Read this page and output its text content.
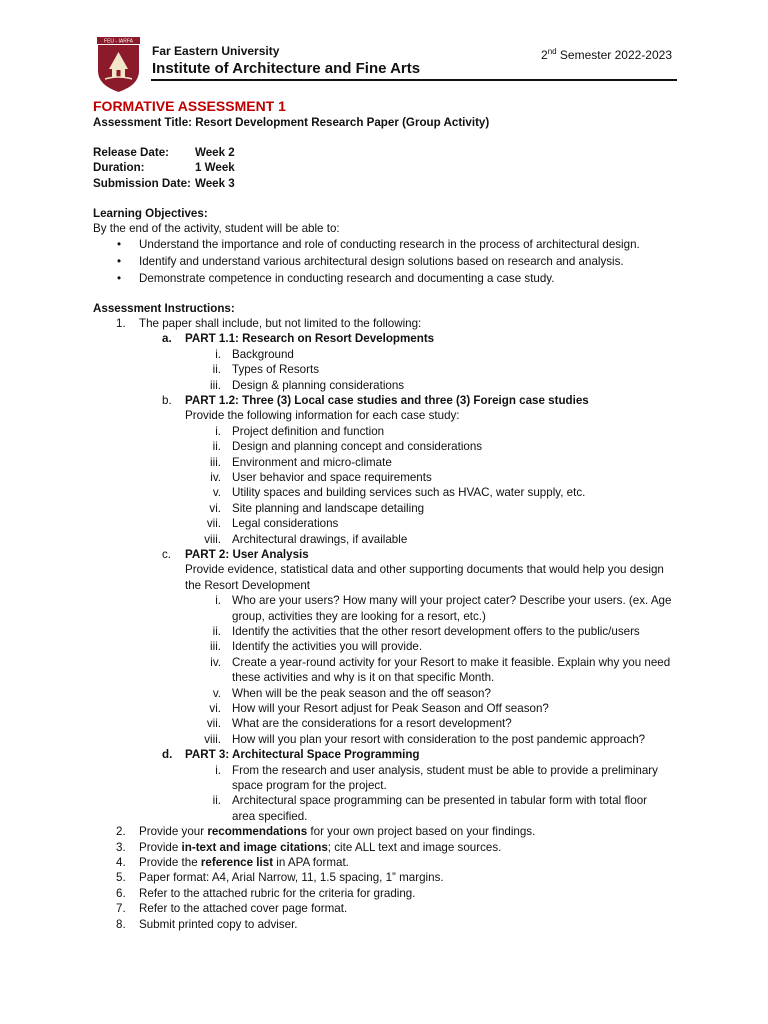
FEU - IARFA
Far Eastern University
Institute of Architecture and Fine Arts
2nd Semester 2022-2023
FORMATIVE ASSESSMENT 1
Assessment Title: Resort Development Research Paper (Group Activity)
Release Date: Week 2
Duration:	1 Week
Submission Date: Week 3
Learning Objectives:
By the end of the activity, student will be able to:
• Understand the importance and role of conducting research in the process of architectural design.
• Identify and understand various architectural design solutions based on research and analysis.
• Demonstrate competence in conducting research and documenting a case study.
Assessment Instructions:
1. The paper shall include, but not limited to the following:
a. PART 1.1: Research on Resort Developments
i. Background
ii. Types of Resorts
iii. Design & planning considerations
b. PART 1.2: Three (3) Local case studies and three (3) Foreign case studies
Provide the following information for each case study:
i. Project definition and function
ii. Design and planning concept and considerations
iii. Environment and micro-climate
iv. User behavior and space requirements
v. Utility spaces and building services such as HVAC, water supply, etc.
vi. Site planning and landscape detailing
vii. Legal considerations
viii. Architectural drawings, if available
c. PART 2: User Analysis
Provide evidence, statistical data and other supporting documents that would help you design
the Resort Development
i. Who are your users? How many will your project cater? Describe your users. (ex. Age
group, activities they are looking for a resort, etc.)
ii. Identify the activities that the other resort development offers to the public/users
iii. Identify the activities you will provide.
iv. Create a year-round activity for your Resort to make it feasible. Explain why you need
these activities and why is it on that specific Month.
v. When will be the peak season and the off season?
vi. How will your Resort adjust for Peak Season and Off season?
vii. What are the considerations for a resort development?
viii. How will you plan your resort with consideration to the post pandemic approach?
d. PART 3: Architectural Space Programming
i. From the research and user analysis, student must be able to provide a preliminary
space program for the project.
ii. Architectural space programming can be presented in tabular form with total floor
area specified.
2. Provide your recommendations for your own project based on your findings.
3. Provide in-text and image citations; cite ALL text and image sources.
4. Provide the reference list in APA format.
5. Paper format: A4, Arial Narrow, 11, 1.5 spacing, 1” margins.
6. Refer to the attached rubric for the criteria for grading.
7. Refer to the attached cover page format.
8. Submit printed copy to adviser.
